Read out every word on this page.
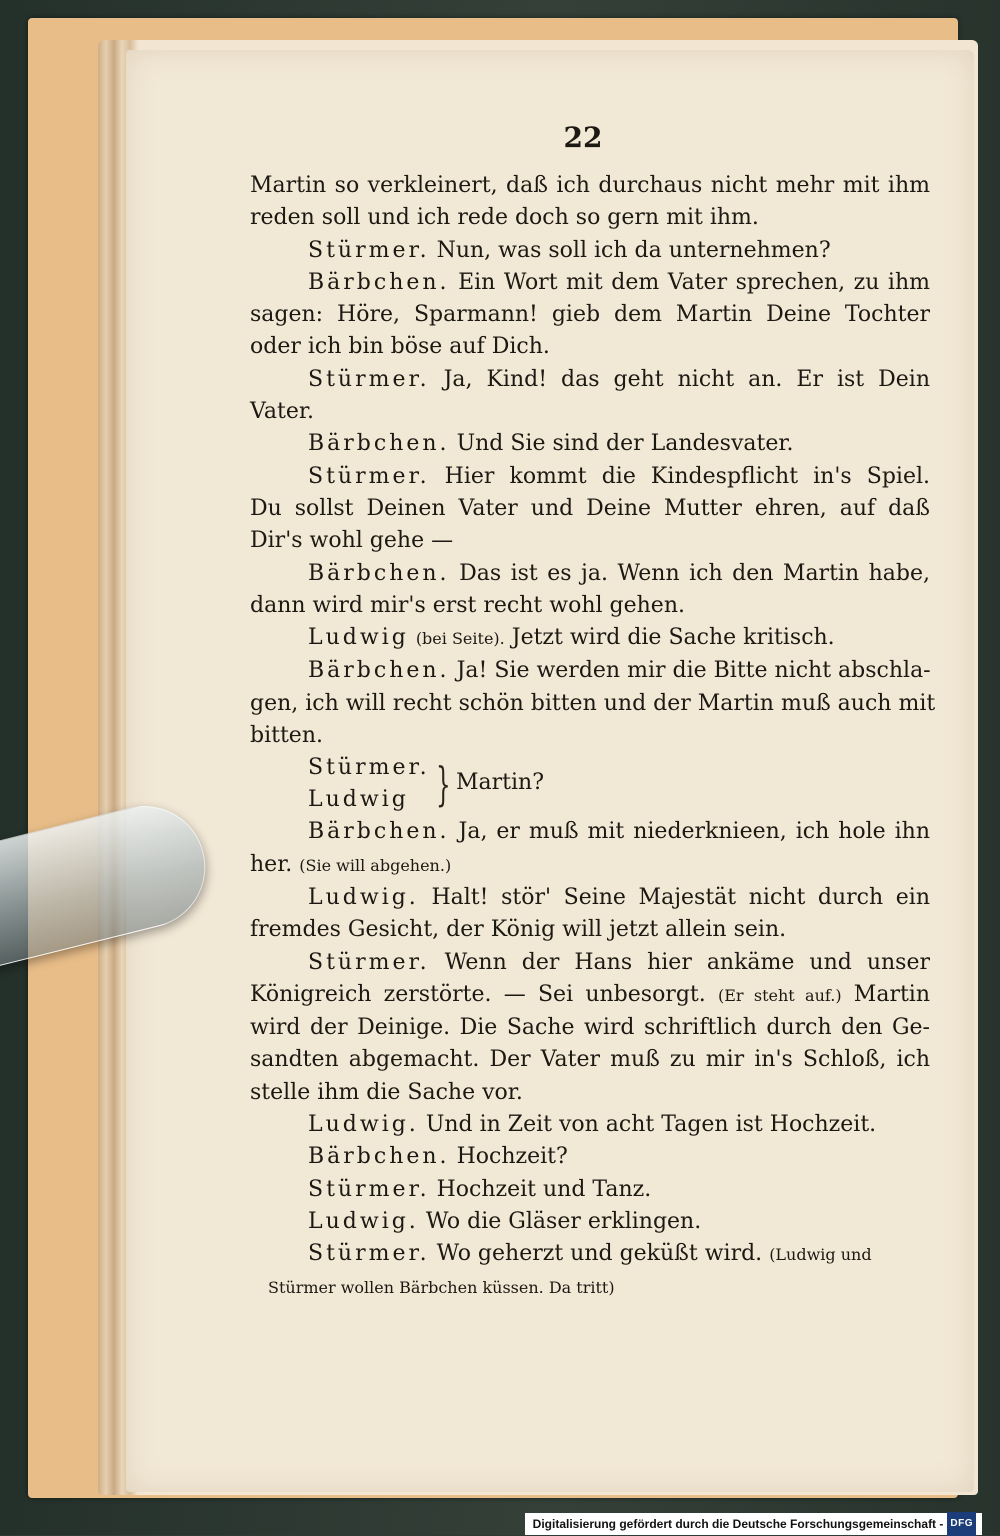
22
Martin so verkleinert, daß ich durchaus nicht mehr mit ihm
reden soll und ich rede doch so gern mit ihm.
Stürmer. Nun, was soll ich da unternehmen?
Bärbchen. Ein Wort mit dem Vater sprechen, zu ihm
sagen: Höre, Sparmann! gieb dem Martin Deine Tochter
oder ich bin böse auf Dich.
Stürmer. Ja, Kind! das geht nicht an. Er ist Dein
Vater.
Bärbchen. Und Sie sind der Landesvater.
Stürmer. Hier kommt die Kindespflicht in's Spiel.
Du sollst Deinen Vater und Deine Mutter ehren, auf daß
Dir's wohl gehe —
Bärbchen. Das ist es ja. Wenn ich den Martin habe,
dann wird mir's erst recht wohl gehen.
Ludwig (bei Seite). Jetzt wird die Sache kritisch.
Bärbchen. Ja! Sie werden mir die Bitte nicht abschla-
gen, ich will recht schön bitten und der Martin muß auch mit
bitten.
Stürmer.
Ludwig } Martin?
Bärbchen. Ja, er muß mit niederknieen, ich hole ihn
her. (Sie will abgehen.)
Ludwig. Halt! stör' Seine Majestät nicht durch ein
fremdes Gesicht, der König will jetzt allein sein.
Stürmer. Wenn der Hans hier ankäme und unser
Königreich zerstörte. — Sei unbesorgt. (Er steht auf.) Martin
wird der Deinige. Die Sache wird schriftlich durch den Ge-
sandten abgemacht. Der Vater muß zu mir in's Schloß, ich
stelle ihm die Sache vor.
Ludwig. Und in Zeit von acht Tagen ist Hochzeit.
Bärbchen. Hochzeit?
Stürmer. Hochzeit und Tanz.
Ludwig. Wo die Gläser erklingen.
Stürmer. Wo geherzt und geküßt wird. (Ludwig und
Stürmer wollen Bärbchen küssen. Da tritt)
Digitalisierung gefördert durch die Deutsche Forschungsgemeinschaft - DFG
